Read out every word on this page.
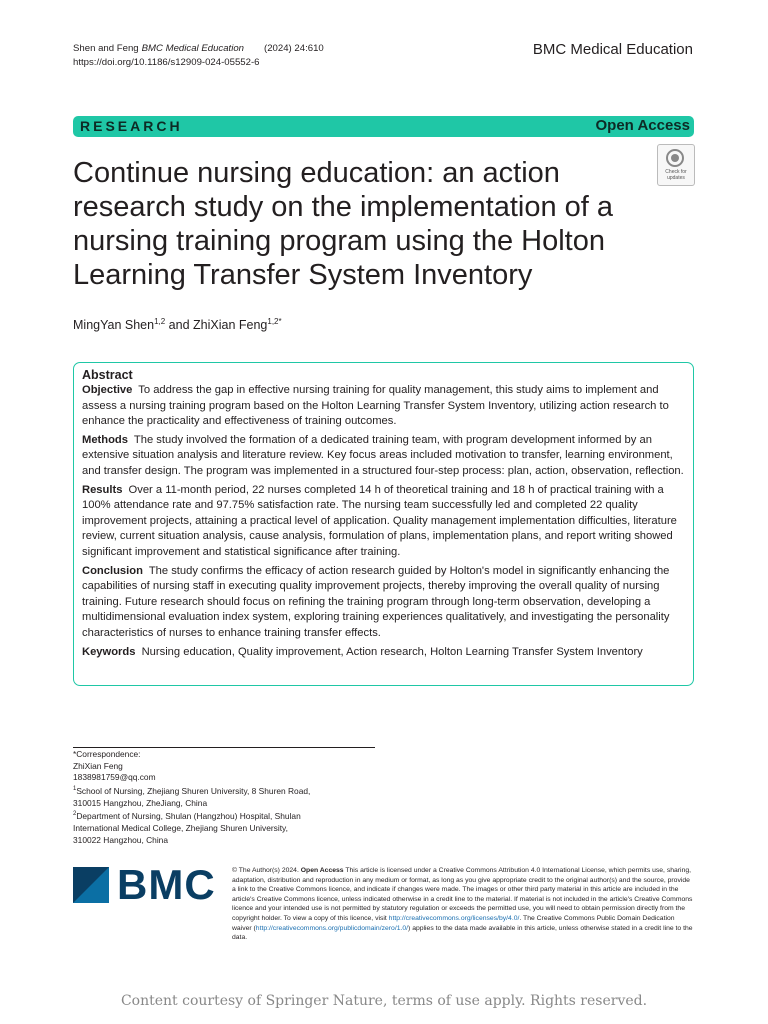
Shen and Feng BMC Medical Education (2024) 24:610
https://doi.org/10.1186/s12909-024-05552-6
BMC Medical Education
RESEARCH	Open Access
Continue nursing education: an action research study on the implementation of a nursing training program using the Holton Learning Transfer System Inventory
Check for updates
MingYan Shen$^{1,2}$ and ZhiXian Feng$^{1,2*}$
Abstract

Objective To address the gap in effective nursing training for quality management, this study aims to implement and assess a nursing training program based on the Holton Learning Transfer System Inventory, utilizing action research to enhance the practicality and effectiveness of training outcomes.

Methods The study involved the formation of a dedicated training team, with program development informed by an extensive situation analysis and literature review. Key focus areas included motivation to transfer, learning environment, and transfer design. The program was implemented in a structured four-step process: plan, action, observation, reflection.

Results Over a 11-month period, 22 nurses completed 14 h of theoretical training and 18 h of practical training with a 100% attendance rate and 97.75% satisfaction rate. The nursing team successfully led and completed 22 quality improvement projects, attaining a practical level of application. Quality management implementation difficulties, literature review, current situation analysis, cause analysis, formulation of plans, implementation plans, and report writing showed significant improvement and statistical significance after training.

Conclusion The study confirms the efficacy of action research guided by Holton's model in significantly enhancing the capabilities of nursing staff in executing quality improvement projects, thereby improving the overall quality of nursing training. Future research should focus on refining the training program through long-term observation, developing a multidimensional evaluation index system, exploring training experiences qualitatively, and investigating the personality characteristics of nurses to enhance training transfer effects.

Keywords Nursing education, Quality improvement, Action research, Holton Learning Transfer System Inventory

*Correspondence:
ZhiXian Feng
1838981759@qq.com
$^1$School of Nursing, Zhejiang Shuren University, 8 Shuren Road,
310015 Hangzhou, ZheJiang, China
$^2$Department of Nursing, Shulan (Hangzhou) Hospital, Shulan
International Medical College, Zhejiang Shuren University,
310022 Hangzhou, China
BMC © The Author(s) 2024. Open Access This article is licensed under a Creative Commons Attribution 4.0 International License, which permits use, sharing, adaptation, distribution and reproduction in any medium or format, as long as you give appropriate credit to the original author(s) and the source, provide a link to the Creative Commons licence, and indicate if changes were made. The images or other third party material in this article are included in the article's Creative Commons licence, unless indicated otherwise in a credit line to the material. If material is not included in the article's Creative Commons licence and your intended use is not permitted by statutory regulation or exceeds the permitted use, you will need to obtain permission directly from the copyright holder. To view a copy of this licence, visit http://creativecommons.org/licenses/by/4.0/. The Creative Commons Public Domain Dedication waiver (http://creativecommons.org/publicdomain/zero/1.0/) applies to the data made available in this article, unless otherwise stated in a credit line to the data.
Content courtesy of Springer Nature, terms of use apply. Rights reserved.
